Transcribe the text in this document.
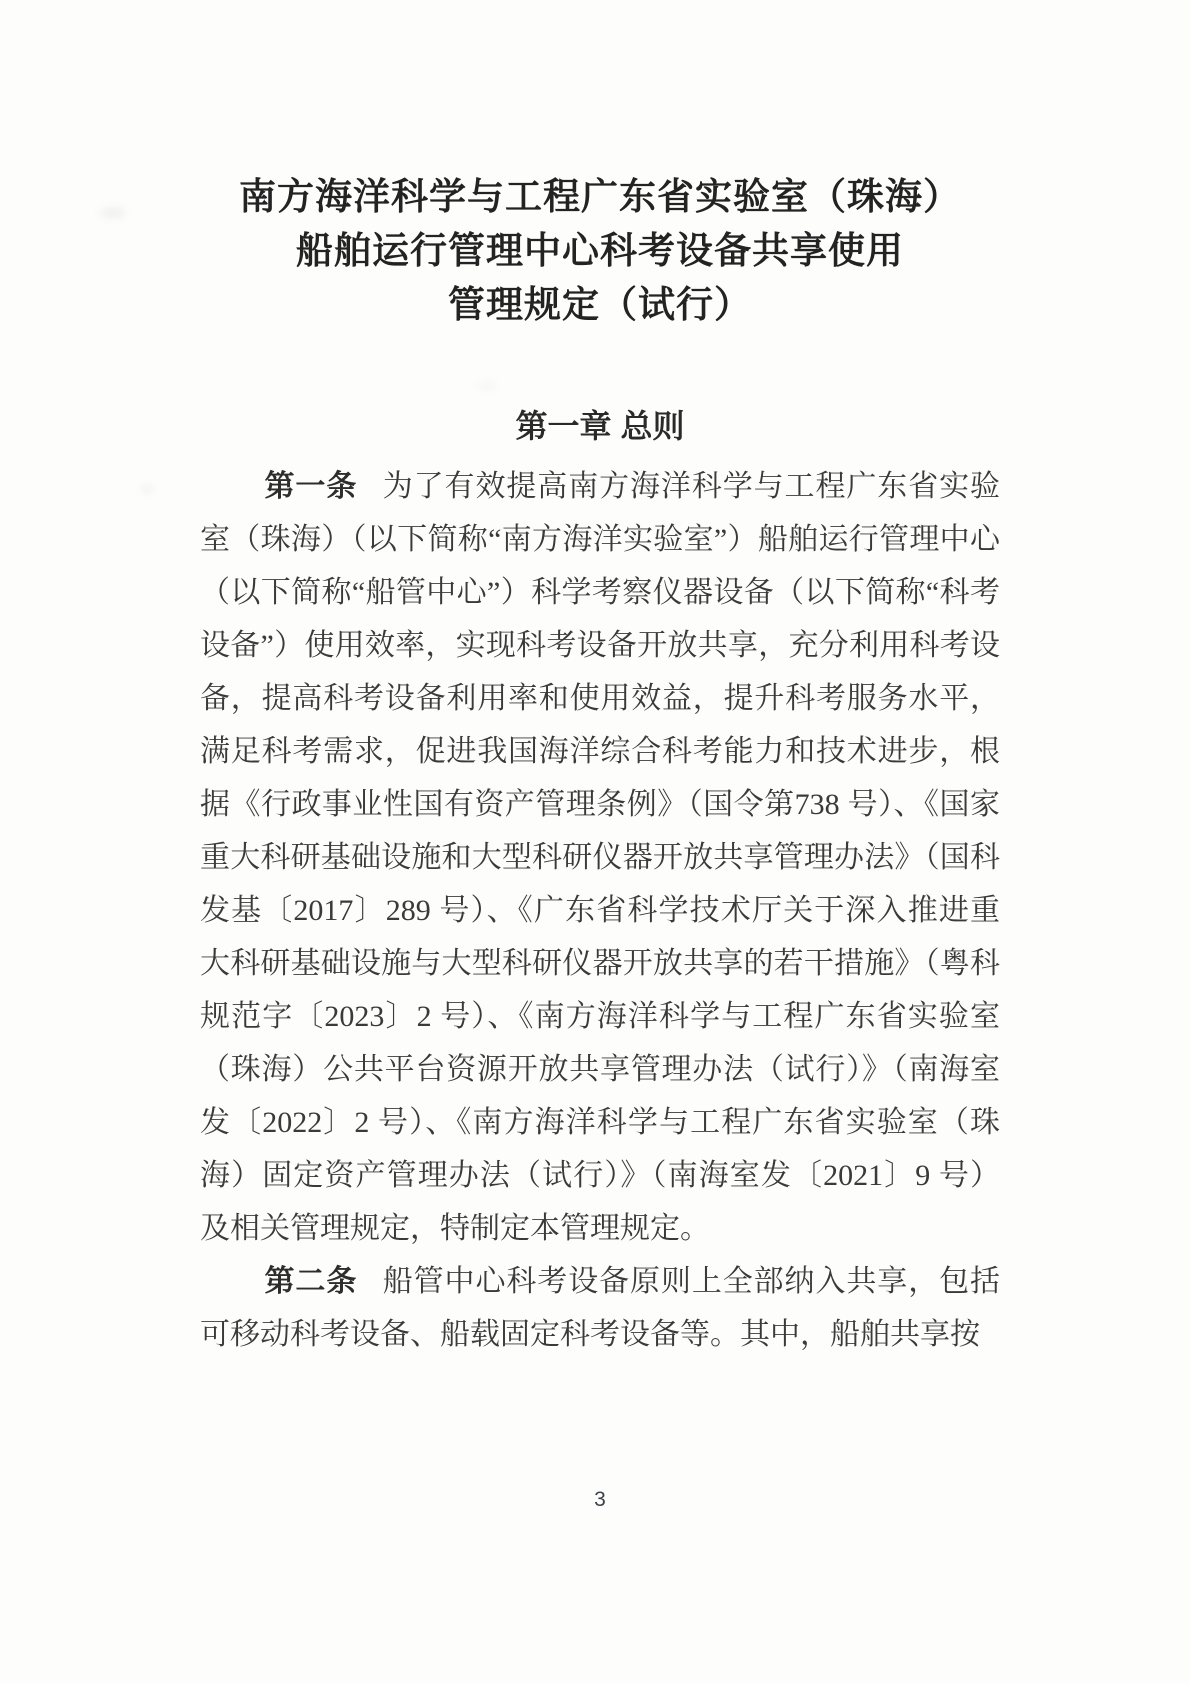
南方海洋科学与工程广东省实验室（珠海）
船舶运行管理中心科考设备共享使用
管理规定（试行）
第一章 总则

第一条 为了有效提高南方海洋科学与工程广东省实验室（珠海）（以下简称“南方海洋实验室”）船舶运行管理中心（以下简称“船管中心”）科学考察仪器设备（以下简称“科考设备”）使用效率，实现科考设备开放共享，充分利用科考设备，提高科考设备利用率和使用效益，提升科考服务水平，满足科考需求，促进我国海洋综合科考能力和技术进步，根据《行政事业性国有资产管理条例》（国令第738 号）、《国家重大科研基础设施和大型科研仪器开放共享管理办法》（国科发基〔2017〕289 号）、《广东省科学技术厅关于深入推进重大科研基础设施与大型科研仪器开放共享的若干措施》（粤科规范字〔2023〕2 号）、《南方海洋科学与工程广东省实验室（珠海）公共平台资源开放共享管理办法（试行）》（南海室发〔2022〕2 号）、《南方海洋科学与工程广东省实验室（珠海）固定资产管理办法（试行）》（南海室发〔2021〕9 号）及相关管理规定，特制定本管理规定。

第二条 船管中心科考设备原则上全部纳入共享，包括可移动科考设备、船载固定科考设备等。其中，船舶共享按

3
